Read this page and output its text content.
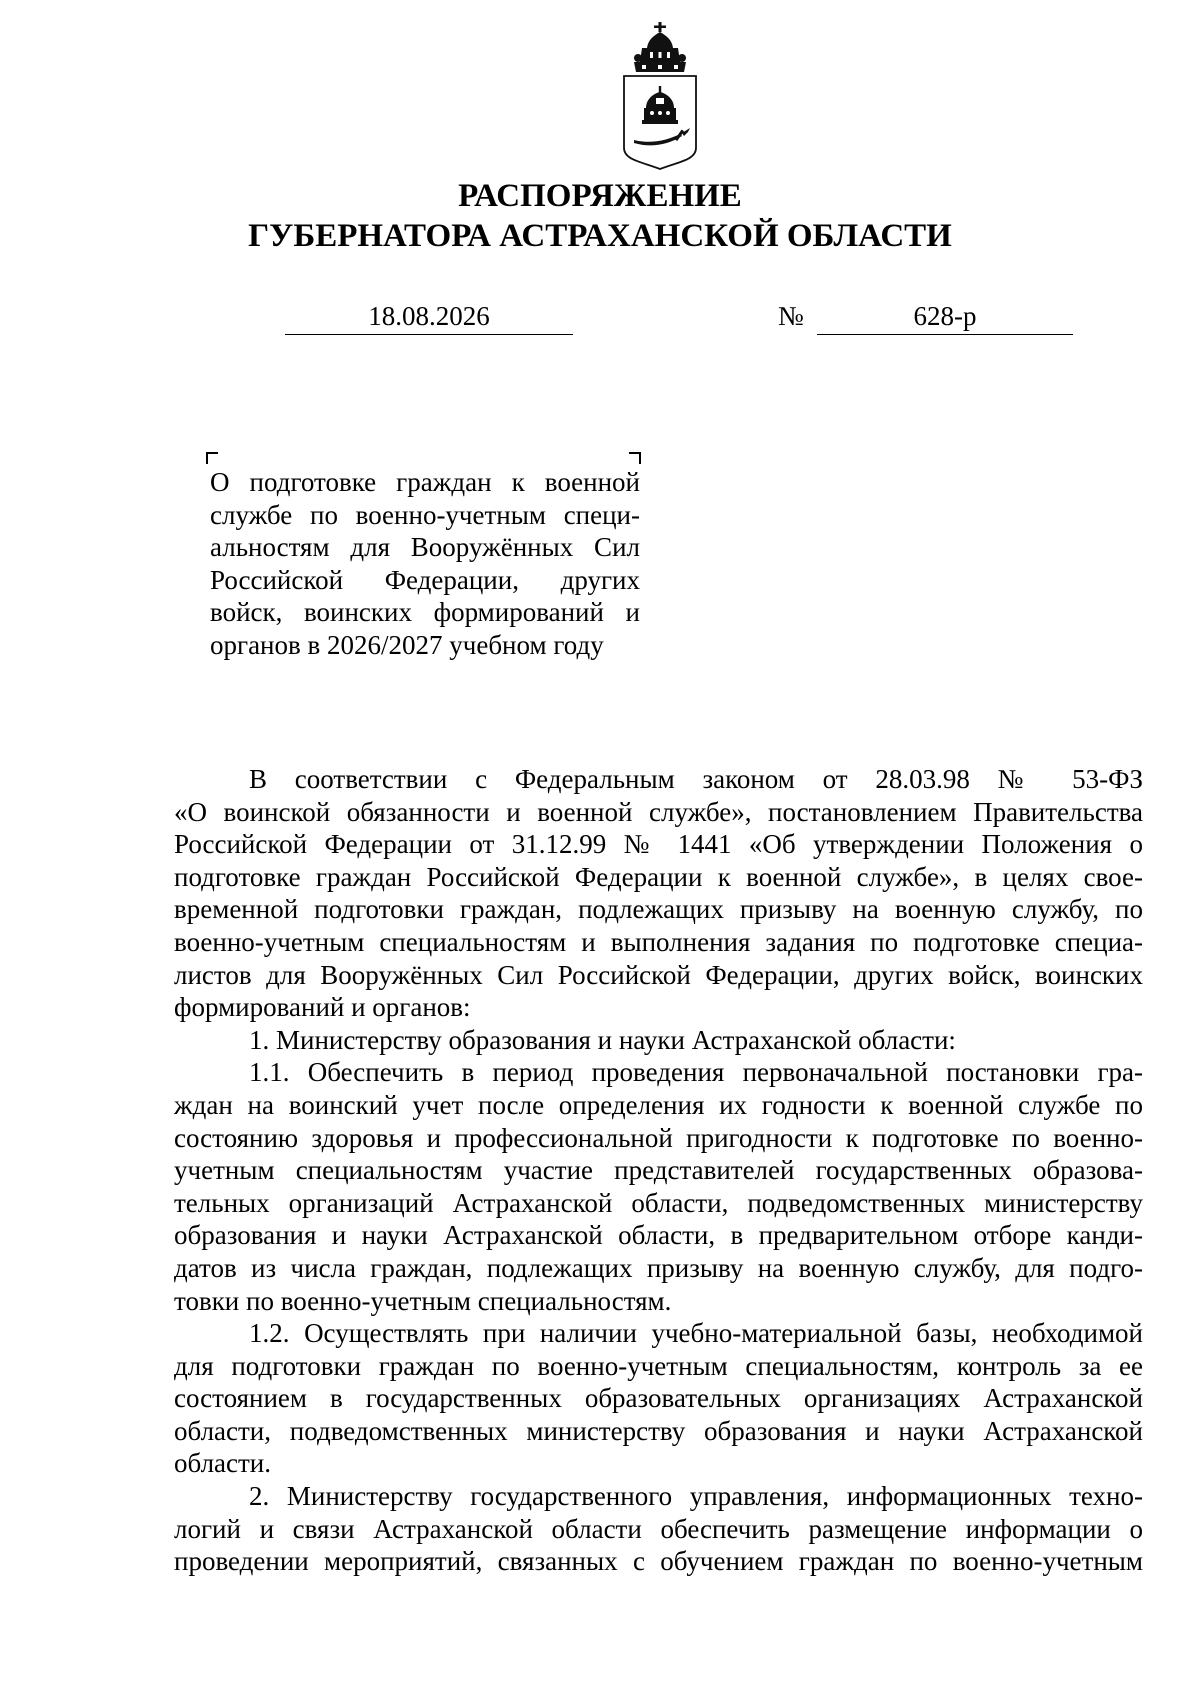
РАСПОРЯЖЕНИЕ
ГУБЕРНАТОРА АСТРАХАНСКОЙ ОБЛАСТИ
18.08.2026	№	628-р
О подготовке граждан к военной
службе по военно-учетным специ-
альностям для Вооружённых Сил
Российской Федерации, других
войск, воинских формирований и
органов в 2026/2027 учебном году
В соответствии с Федеральным законом от 28.03.98 № 53-ФЗ
«О воинской обязанности и военной службе», постановлением Правительства
Российской Федерации от 31.12.99 № 1441 «Об утверждении Положения о
подготовке граждан Российской Федерации к военной службе», в целях свое-
временной подготовки граждан, подлежащих призыву на военную службу, по
военно-учетным специальностям и выполнения задания по подготовке специа-
листов для Вооружённых Сил Российской Федерации, других войск, воинских
формирований и органов:
1. Министерству образования и науки Астраханской области:
1.1. Обеспечить в период проведения первоначальной постановки гра-
ждан на воинский учет после определения их годности к военной службе по
состоянию здоровья и профессиональной пригодности к подготовке по военно-
учетным специальностям участие представителей государственных образова-
тельных организаций Астраханской области, подведомственных министерству
образования и науки Астраханской области, в предварительном отборе канди-
датов из числа граждан, подлежащих призыву на военную службу, для подго-
товки по военно-учетным специальностям.
1.2. Осуществлять при наличии учебно-материальной базы, необходимой
для подготовки граждан по военно-учетным специальностям, контроль за ее
состоянием в государственных образовательных организациях Астраханской
области, подведомственных министерству образования и науки Астраханской
области.
2. Министерству государственного управления, информационных техно-
логий и связи Астраханской области обеспечить размещение информации о
проведении мероприятий, связанных с обучением граждан по военно-учетным
